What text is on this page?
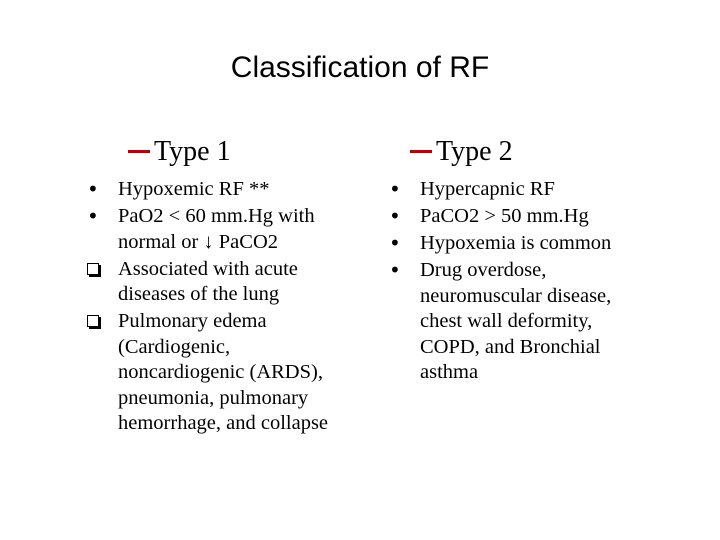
Classification of RF
Type 1	Type 2
•
Hypoxemic RF **
•
PaO2 < 60 mm.Hg with
normal or ↓ PaCO2
Associated with acute
diseases of the lung
Pulmonary edema
(Cardiogenic,
noncardiogenic (ARDS),
pneumonia, pulmonary
hemorrhage, and collapse
•
Hypercapnic RF
•
PaCO2 > 50 mm.Hg
•
Hypoxemia is common
•
Drug overdose,
neuromuscular disease,
chest wall deformity,
COPD, and Bronchial
asthma
